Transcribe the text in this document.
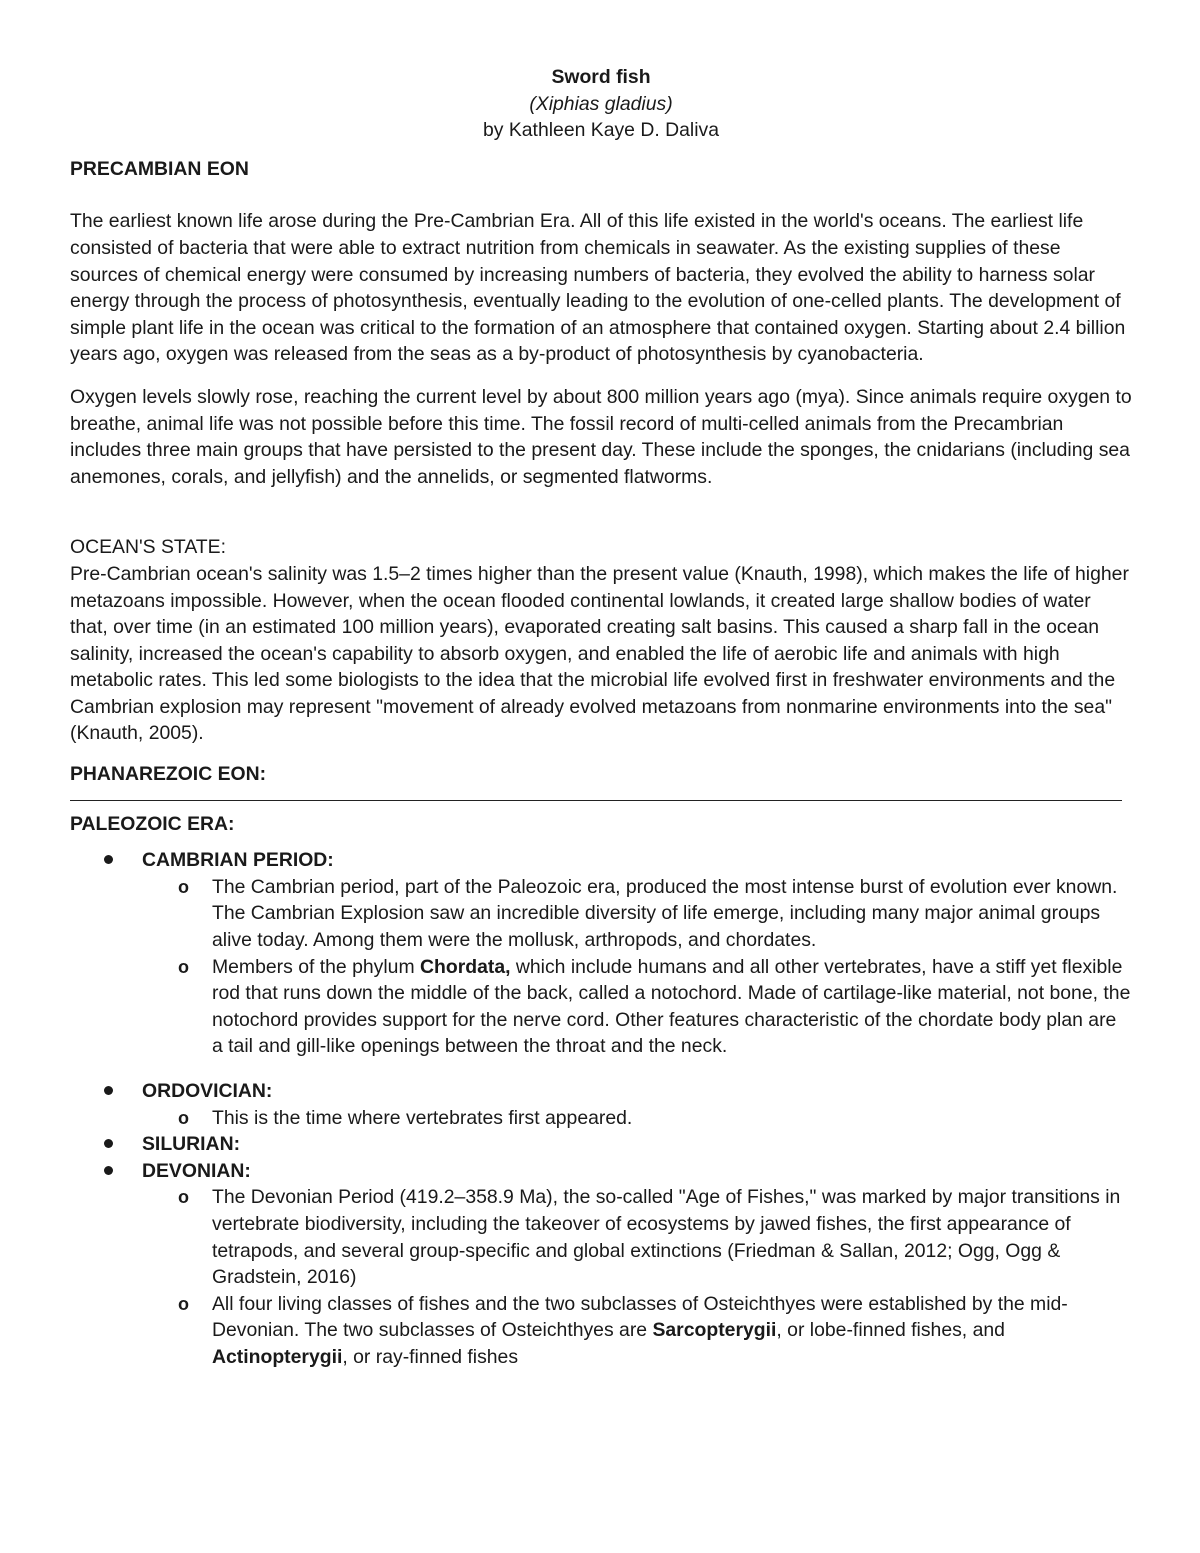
Sword fish
(Xiphias gladius)
by Kathleen Kaye D. Daliva
PRECAMBIAN EON

The earliest known life arose during the Pre-Cambrian Era. All of this life existed in the world's oceans. The earliest life consisted of bacteria that were able to extract nutrition from chemicals in seawater. As the existing supplies of these sources of chemical energy were consumed by increasing numbers of bacteria, they evolved the ability to harness solar energy through the process of photosynthesis, eventually leading to the evolution of one-celled plants. The development of simple plant life in the ocean was critical to the formation of an atmosphere that contained oxygen. Starting about 2.4 billion years ago, oxygen was released from the seas as a by-product of photosynthesis by cyanobacteria.

Oxygen levels slowly rose, reaching the current level by about 800 million years ago (mya). Since animals require oxygen to breathe, animal life was not possible before this time. The fossil record of multi-celled animals from the Precambrian includes three main groups that have persisted to the present day. These include the sponges, the cnidarians (including sea anemones, corals, and jellyfish) and the annelids, or segmented flatworms.

OCEAN'S STATE:

Pre-Cambrian ocean's salinity was 1.5–2 times higher than the present value (Knauth, 1998), which makes the life of higher metazoans impossible. However, when the ocean flooded continental lowlands, it created large shallow bodies of water that, over time (in an estimated 100 million years), evaporated creating salt basins. This caused a sharp fall in the ocean salinity, increased the ocean's capability to absorb oxygen, and enabled the life of aerobic life and animals with high metabolic rates. This led some biologists to the idea that the microbial life evolved first in freshwater environments and the Cambrian explosion may represent "movement of already evolved metazoans from nonmarine environments into the sea" (Knauth, 2005).

PHANAREZOIC EON:
PALEOZOIC ERA:
CAMBRIAN PERIOD:
o The Cambrian period, part of the Paleozoic era, produced the most intense burst of evolution ever known. The Cambrian Explosion saw an incredible diversity of life emerge, including many major animal groups alive today. Among them were the mollusk, arthropods, and chordates.
o Members of the phylum Chordata, which include humans and all other vertebrates, have a stiff yet flexible rod that runs down the middle of the back, called a notochord. Made of cartilage-like material, not bone, the notochord provides support for the nerve cord. Other features characteristic of the chordate body plan are a tail and gill-like openings between the throat and the neck.
ORDOVICIAN:
o This is the time where vertebrates first appeared.
SILURIAN:
DEVONIAN:
o The Devonian Period (419.2–358.9 Ma), the so-called "Age of Fishes," was marked by major transitions in vertebrate biodiversity, including the takeover of ecosystems by jawed fishes, the first appearance of tetrapods, and several group-specific and global extinctions (Friedman & Sallan, 2012; Ogg, Ogg & Gradstein, 2016)
o All four living classes of fishes and the two subclasses of Osteichthyes were established by the mid-Devonian. The two subclasses of Osteichthyes are Sarcopterygii, or lobe-finned fishes, and Actinopterygii, or ray-finned fishes
